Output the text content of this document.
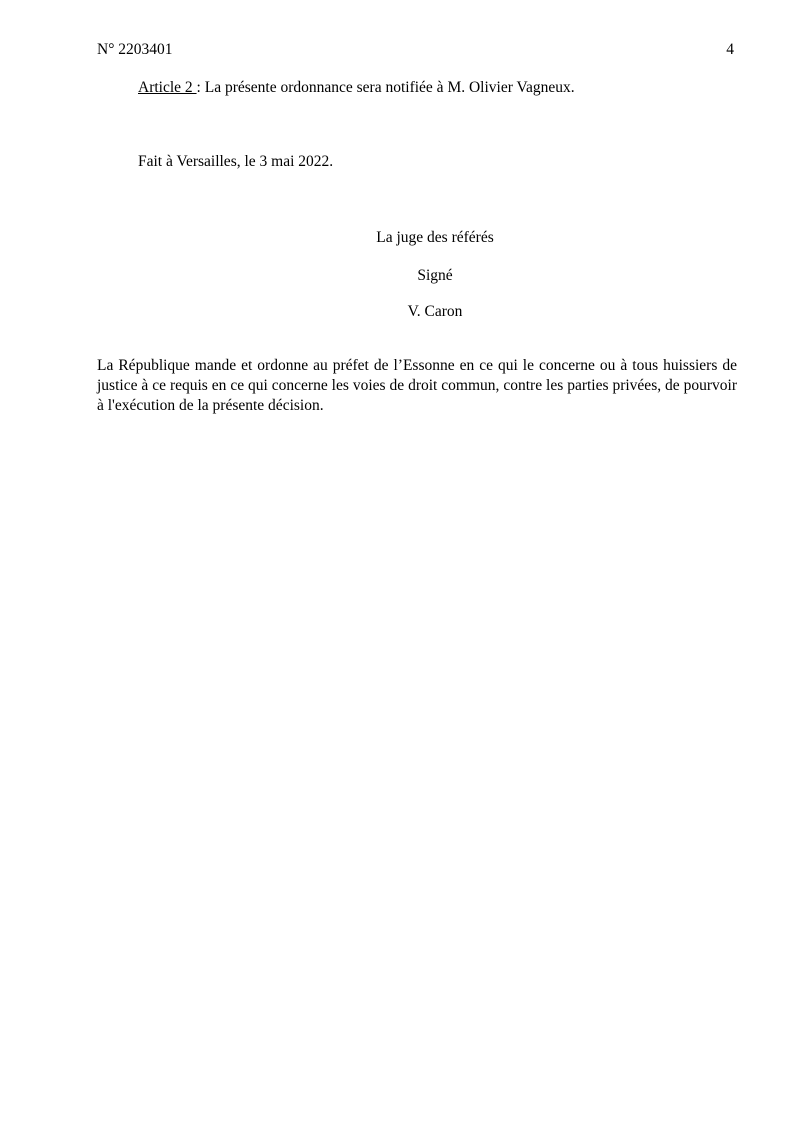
N° 2203401	4
Article 2 : La présente ordonnance sera notifiée à M. Olivier Vagneux.
Fait à Versailles, le 3 mai 2022.
La juge des référés
Signé
V. Caron
La République mande et ordonne au préfet de l’Essonne en ce qui le concerne ou à tous huissiers de justice à ce requis en ce qui concerne les voies de droit commun, contre les parties privées, de pourvoir à l'exécution de la présente décision.
